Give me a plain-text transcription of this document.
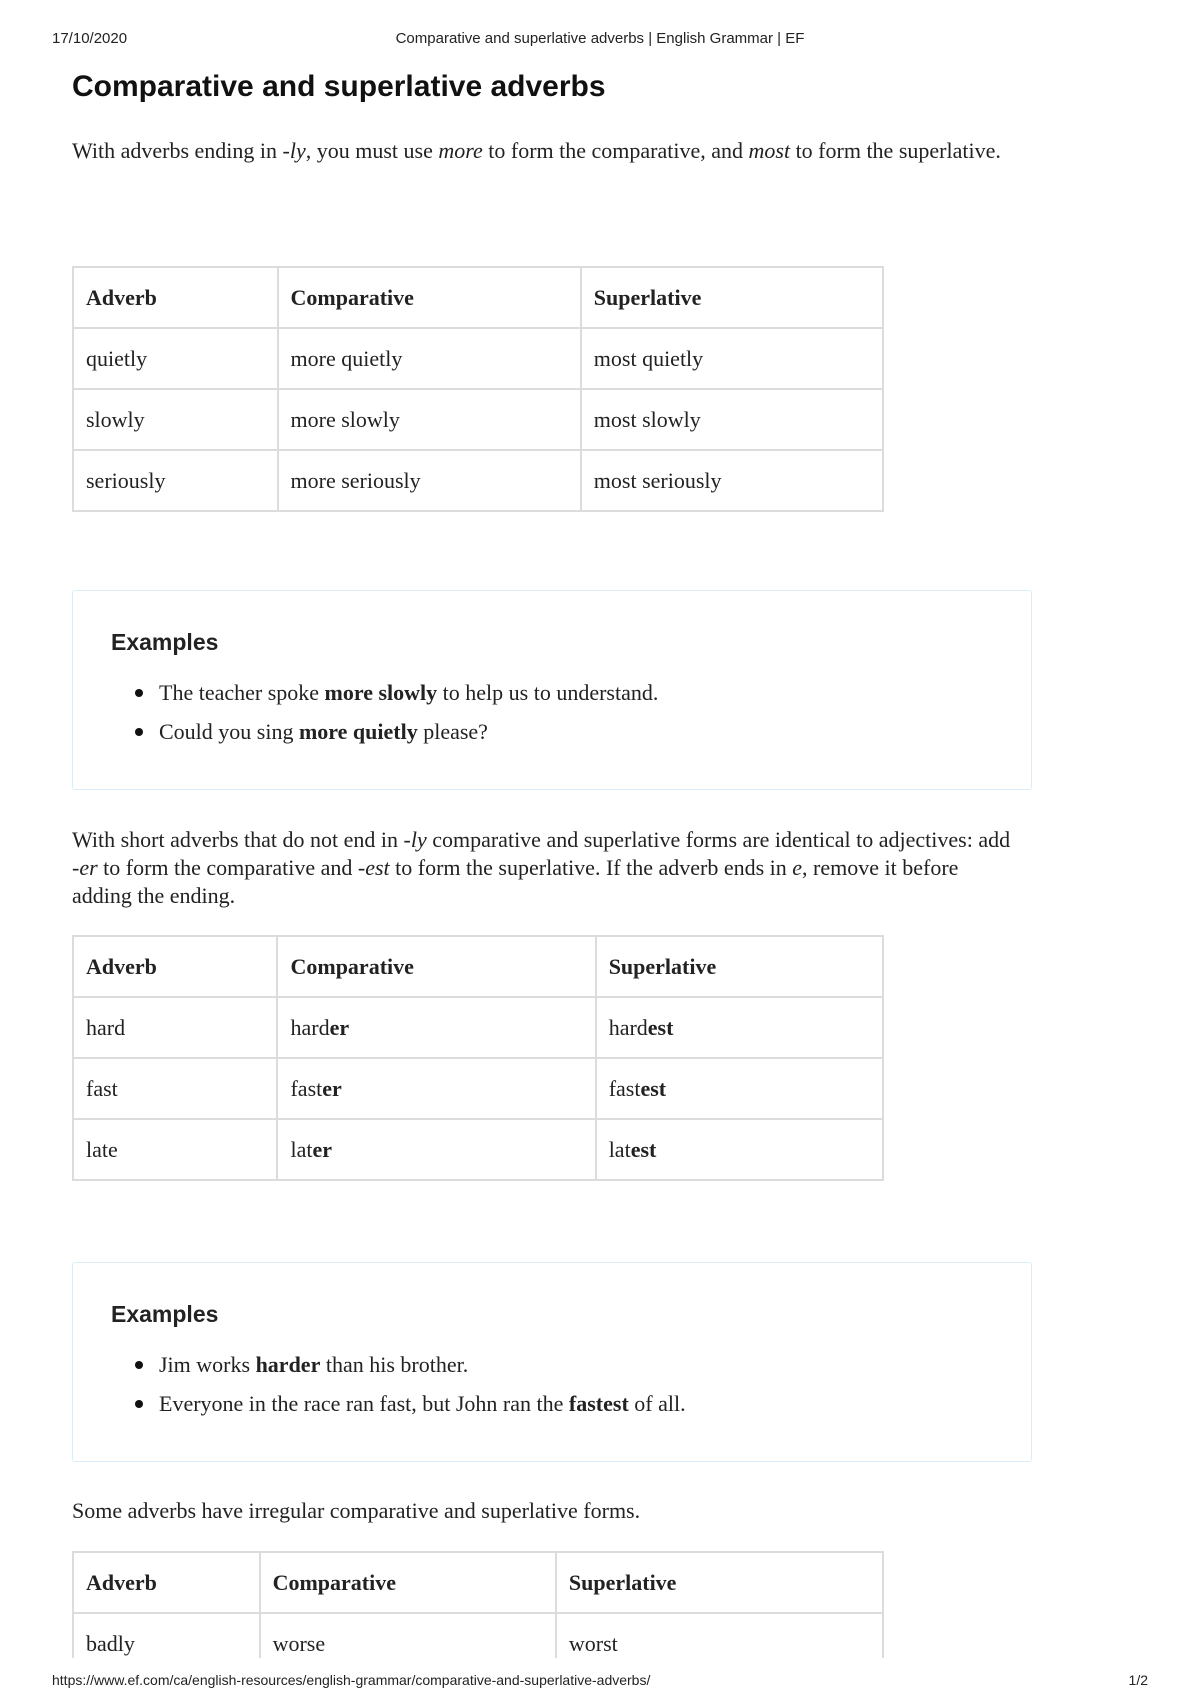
17/10/2020	Comparative and superlative adverbs | English Grammar | EF
Comparative and superlative adverbs

With adverbs ending in -ly, you must use more to form the comparative, and most to form the superlative.

Adverb	Comparative	Superlative
quietly	more quietly	most quietly
slowly	more slowly	most slowly
seriously	more seriously	most seriously
Examples
The teacher spoke more slowly to help us to understand.
Could you sing more quietly please?

With short adverbs that do not end in -ly comparative and superlative forms are identical to adjectives: add -er to form the comparative and -est to form the superlative. If the adverb ends in e, remove it before adding the ending.

Adverb	Comparative	Superlative
hard	harder	hardest
fast	faster	fastest
late	later	latest
Examples
Jim works harder than his brother.
Everyone in the race ran fast, but John ran the fastest of all.

Some adverbs have irregular comparative and superlative forms.

Adverb	Comparative	Superlative
badly	worse	worst
https://www.ef.com/ca/english-resources/english-grammar/comparative-and-superlative-adverbs/	1/2
